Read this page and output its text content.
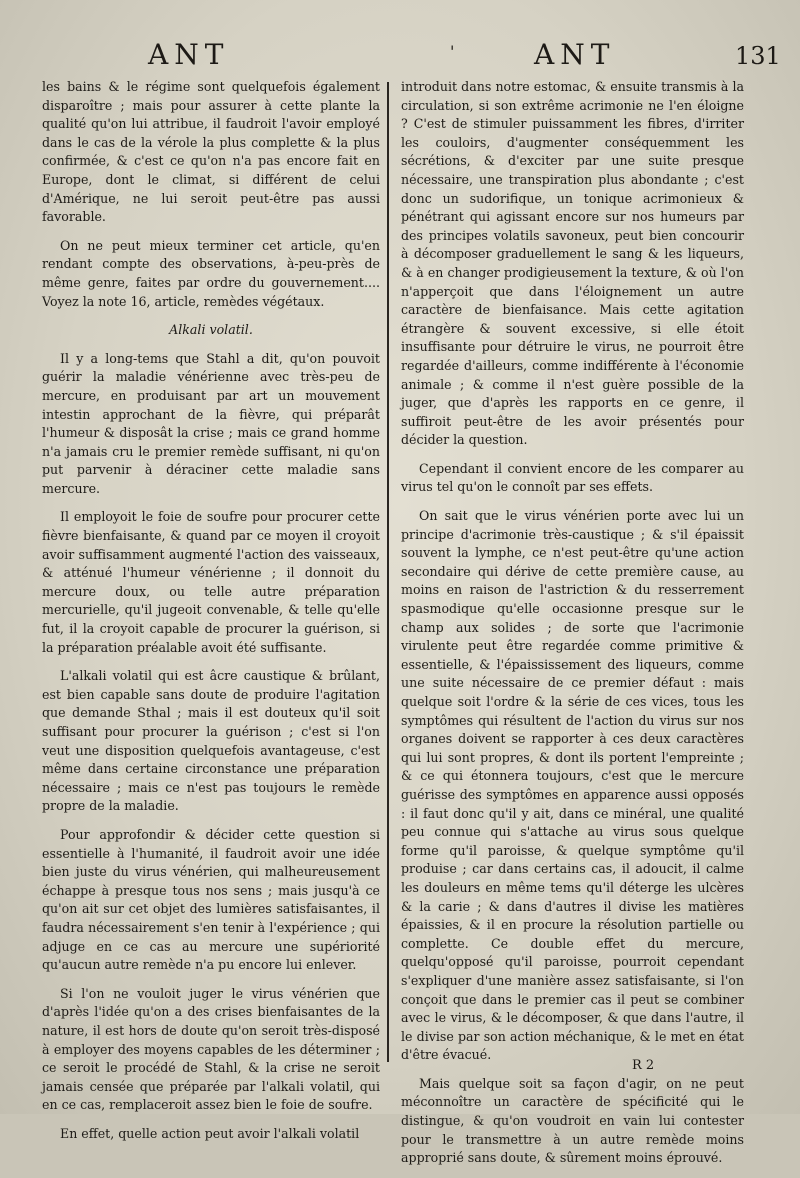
ANT	'	ANT	131

les bains & le régime sont quelquefois également disparoître ; mais pour assurer à cette plante la qualité qu'on lui attribue, il faudroit l'avoir employé dans le cas de la vérole la plus complette & la plus confirmée, & c'est ce qu'on n'a pas encore fait en Europe, dont le climat, si différent de celui d'Amérique, ne lui seroit peut-être pas aussi favorable.

On ne peut mieux terminer cet article, qu'en rendant compte des observations, à-peu-près de même genre, faites par ordre du gouvernement.... Voyez la note 16, article, remèdes végétaux.

Alkali volatil.

Il y a long-tems que Stahl a dit, qu'on pouvoit guérir la maladie vénérienne avec très-peu de mercure, en produisant par art un mouvement intestin approchant de la fièvre, qui préparât l'humeur & disposât la crise ; mais ce grand homme n'a jamais cru le premier remède suffisant, ni qu'on put parvenir à déraciner cette maladie sans mercure.

Il employoit le foie de soufre pour procurer cette fièvre bienfaisante, & quand par ce moyen il croyoit avoir suffisamment augmenté l'action des vaisseaux, & atténué l'humeur vénérienne ; il donnoit du mercure doux, ou telle autre préparation mercurielle, qu'il jugeoit convenable, & telle qu'elle fut, il la croyoit capable de procurer la guérison, si la préparation préalable avoit été suffisante.

L'alkali volatil qui est âcre caustique & brûlant, est bien capable sans doute de produire l'agitation que demande Sthal ; mais il est douteux qu'il soit suffisant pour procurer la guérison ; c'est si l'on veut une disposition quelquefois avantageuse, c'est même dans certaine circonstance une préparation nécessaire ; mais ce n'est pas toujours le remède propre de la maladie.

Pour approfondir & décider cette question si essentielle à l'humanité, il faudroit avoir une idée bien juste du virus vénérien, qui malheureusement échappe à presque tous nos sens ; mais jusqu'à ce qu'on ait sur cet objet des lumières satisfaisantes, il faudra nécessairement s'en tenir à l'expérience ; qui adjuge en ce cas au mercure une supériorité qu'aucun autre remède n'a pu encore lui enlever.

Si l'on ne vouloit juger le virus vénérien que d'après l'idée qu'on a des crises bienfaisantes de la nature, il est hors de doute qu'on seroit très-disposé à employer des moyens capables de les déterminer ; ce seroit le procédé de Stahl, & la crise ne seroit jamais censée que préparée par l'alkali volatil, qui en ce cas, remplaceroit assez bien le foie de soufre.

En effet, quelle action peut avoir l'alkali volatil

introduit dans notre estomac, & ensuite transmis à la circulation, si son extrême acrimonie ne l'en éloigne ? C'est de stimuler puissamment les fibres, d'irriter les couloirs, d'augmenter conséquemment les sécrétions, & d'exciter par une suite presque nécessaire, une transpiration plus abondante ; c'est donc un sudorifique, un tonique acrimonieux & pénétrant qui agissant encore sur nos humeurs par des principes volatils savoneux, peut bien concourir à décomposer graduellement le sang & les liqueurs, & à en changer prodigieusement la texture, & où l'on n'apperçoit que dans l'éloignement un autre caractère de bienfaisance. Mais cette agitation étrangère & souvent excessive, si elle étoit insuffisante pour détruire le virus, ne pourroit être regardée d'ailleurs, comme indifférente à l'économie animale ; & comme il n'est guère possible de la juger, que d'après les rapports en ce genre, il suffiroit peut-être de les avoir présentés pour décider la question.

Cependant il convient encore de les comparer au virus tel qu'on le connoît par ses effets.

On sait que le virus vénérien porte avec lui un principe d'acrimonie très-caustique ; & s'il épaissit souvent la lymphe, ce n'est peut-être qu'une action secondaire qui dérive de cette première cause, au moins en raison de l'astriction & du resserrement spasmodique qu'elle occasionne presque sur le champ aux solides ; de sorte que l'acrimonie virulente peut être regardée comme primitive & essentielle, & l'épaississement des liqueurs, comme une suite nécessaire de ce premier défaut : mais quelque soit l'ordre & la série de ces vices, tous les symptômes qui résultent de l'action du virus sur nos organes doivent se rapporter à ces deux caractères qui lui sont propres, & dont ils portent l'empreinte ; & ce qui étonnera toujours, c'est que le mercure guérisse des symptômes en apparence aussi opposés : il faut donc qu'il y ait, dans ce minéral, une qualité peu connue qui s'attache au virus sous quelque forme qu'il paroisse, & quelque symptôme qu'il produise ; car dans certains cas, il adoucit, il calme les douleurs en même tems qu'il déterge les ulcères & la carie ; & dans d'autres il divise les matières épaissies, & il en procure la résolution partielle ou complette. Ce double effet du mercure, quelqu'opposé qu'il paroisse, pourroit cependant s'expliquer d'une manière assez satisfaisante, si l'on conçoit que dans le premier cas il peut se combiner avec le virus, & le décomposer, & que dans l'autre, il le divise par son action méchanique, & le met en état d'être évacué.

Mais quelque soit sa façon d'agir, on ne peut méconnoître un caractère de spécificité qui le distingue, & qu'on voudroit en vain lui contester pour le transmettre à un autre remède moins approprié sans doute, & sûrement moins éprouvé.

R 2
